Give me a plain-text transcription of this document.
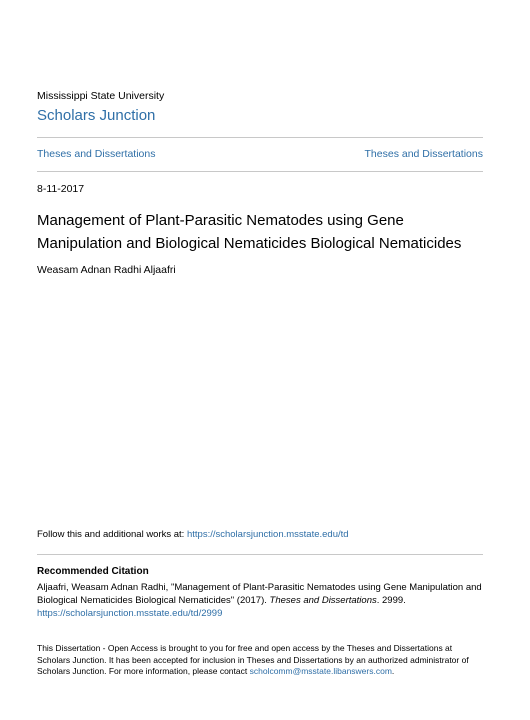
Mississippi State University
Scholars Junction
Theses and Dissertations	Theses and Dissertations
8-11-2017
Management of Plant-Parasitic Nematodes using Gene Manipulation and Biological Nematicides Biological Nematicides
Weasam Adnan Radhi Aljaafri
Follow this and additional works at: https://scholarsjunction.msstate.edu/td
Recommended Citation
Aljaafri, Weasam Adnan Radhi, "Management of Plant-Parasitic Nematodes using Gene Manipulation and Biological Nematicides Biological Nematicides" (2017). Theses and Dissertations. 2999.
https://scholarsjunction.msstate.edu/td/2999
This Dissertation - Open Access is brought to you for free and open access by the Theses and Dissertations at Scholars Junction. It has been accepted for inclusion in Theses and Dissertations by an authorized administrator of Scholars Junction. For more information, please contact scholcomm@msstate.libanswers.com.
